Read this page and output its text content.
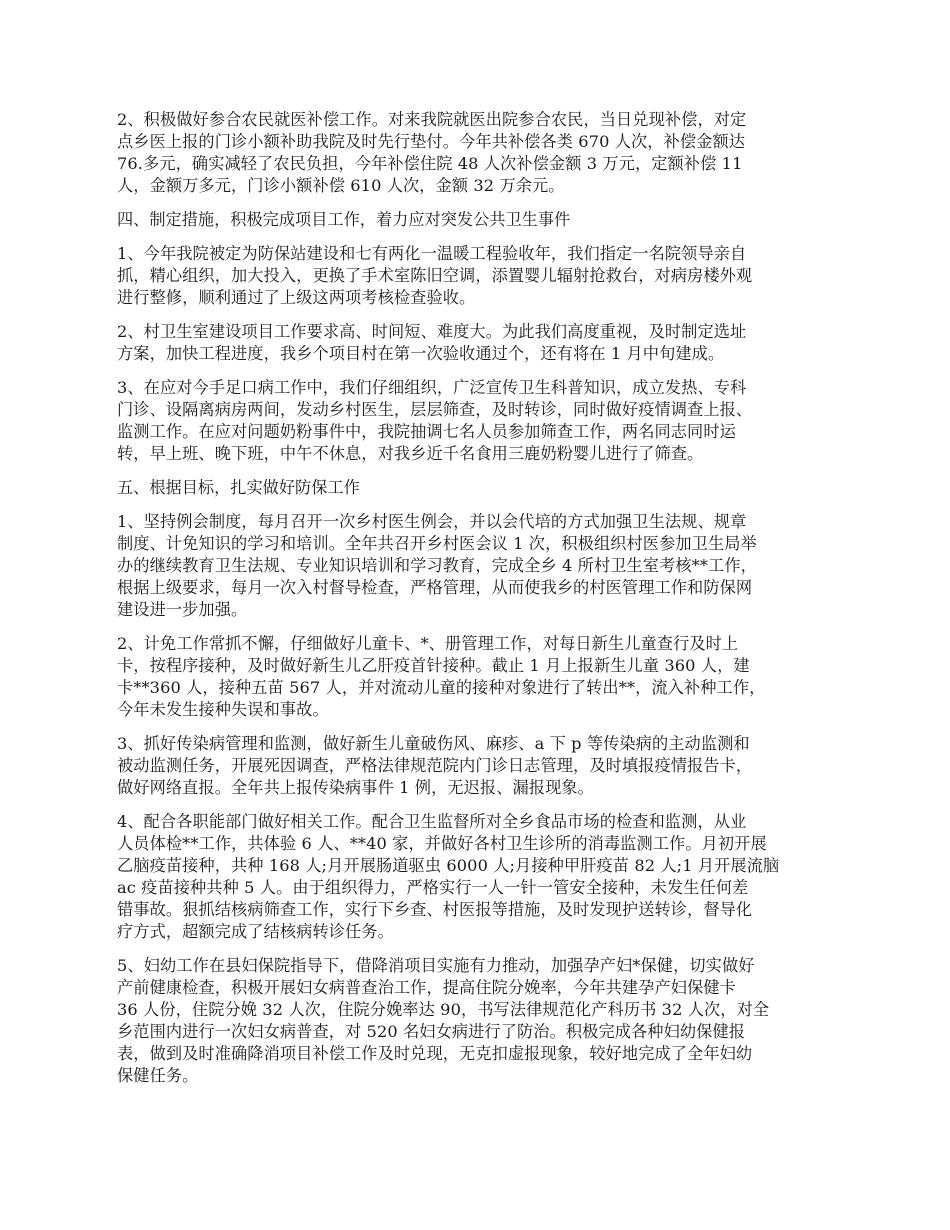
2、积极做好参合农民就医补偿工作。对来我院就医出院参合农民，当日兑现补偿，对定
点乡医上报的门诊小额补助我院及时先行垫付。今年共补偿各类 670 人次，补偿金额达
76.多元，确实减轻了农民负担，今年补偿住院 48 人次补偿金额 3 万元，定额补偿 11
人，金额万多元，门诊小额补偿 610 人次，金额 32 万余元。
四、制定措施，积极完成项目工作，着力应对突发公共卫生事件
1、今年我院被定为防保站建设和七有两化一温暖工程验收年，我们指定一名院领导亲自
抓，精心组织，加大投入，更换了手术室陈旧空调，添置婴儿辐射抢救台，对病房楼外观
进行整修，顺利通过了上级这两项考核检查验收。
2、村卫生室建设项目工作要求高、时间短、难度大。为此我们高度重视，及时制定选址
方案，加快工程进度，我乡个项目村在第一次验收通过个，还有将在 1 月中旬建成。
3、在应对今手足口病工作中，我们仔细组织，广泛宣传卫生科普知识，成立发热、专科
门诊、设隔离病房两间，发动乡村医生，层层筛查，及时转诊，同时做好疫情调查上报、
监测工作。在应对问题奶粉事件中，我院抽调七名人员参加筛查工作，两名同志同时运
转，早上班、晚下班，中午不休息，对我乡近千名食用三鹿奶粉婴儿进行了筛查。
五、根据目标，扎实做好防保工作
1、坚持例会制度，每月召开一次乡村医生例会，并以会代培的方式加强卫生法规、规章
制度、计免知识的学习和培训。全年共召开乡村医会议 1 次，积极组织村医参加卫生局举
办的继续教育卫生法规、专业知识培训和学习教育，完成全乡 4 所村卫生室考核**工作，
根据上级要求，每月一次入村督导检查，严格管理，从而使我乡的村医管理工作和防保网
建设进一步加强。
2、计免工作常抓不懈，仔细做好儿童卡、*、册管理工作，对每日新生儿童查行及时上
卡，按程序接种，及时做好新生儿乙肝疫首针接种。截止 1 月上报新生儿童 360 人，建
卡**360 人，接种五苗 567 人，并对流动儿童的接种对象进行了转出**，流入补种工作，
今年未发生接种失误和事故。
3、抓好传染病管理和监测，做好新生儿童破伤风、麻疹、a 下 p 等传染病的主动监测和
被动监测任务，开展死因调查，严格法律规范院内门诊日志管理，及时填报疫情报告卡，
做好网络直报。全年共上报传染病事件 1 例，无迟报、漏报现象。
4、配合各职能部门做好相关工作。配合卫生监督所对全乡食品市场的检查和监测，从业
人员体检**工作，共体验 6 人、**40 家，并做好各村卫生诊所的消毒监测工作。月初开展
乙脑疫苗接种，共种 168 人;月开展肠道驱虫 6000 人;月接种甲肝疫苗 82 人;1 月开展流脑
ac 疫苗接种共种 5 人。由于组织得力，严格实行一人一针一管安全接种，未发生任何差
错事故。狠抓结核病筛查工作，实行下乡查、村医报等措施，及时发现护送转诊，督导化
疗方式，超额完成了结核病转诊任务。
5、妇幼工作在县妇保院指导下，借降消项目实施有力推动，加强孕产妇*保健，切实做好
产前健康检查，积极开展妇女病普查治工作，提高住院分娩率，今年共建孕产妇保健卡
36 人份，住院分娩 32 人次，住院分娩率达 90，书写法律规范化产科历书 32 人次，对全
乡范围内进行一次妇女病普查，对 520 名妇女病进行了防治。积极完成各种妇幼保健报
表，做到及时准确降消项目补偿工作及时兑现，无克扣虚报现象，较好地完成了全年妇幼
保健任务。
